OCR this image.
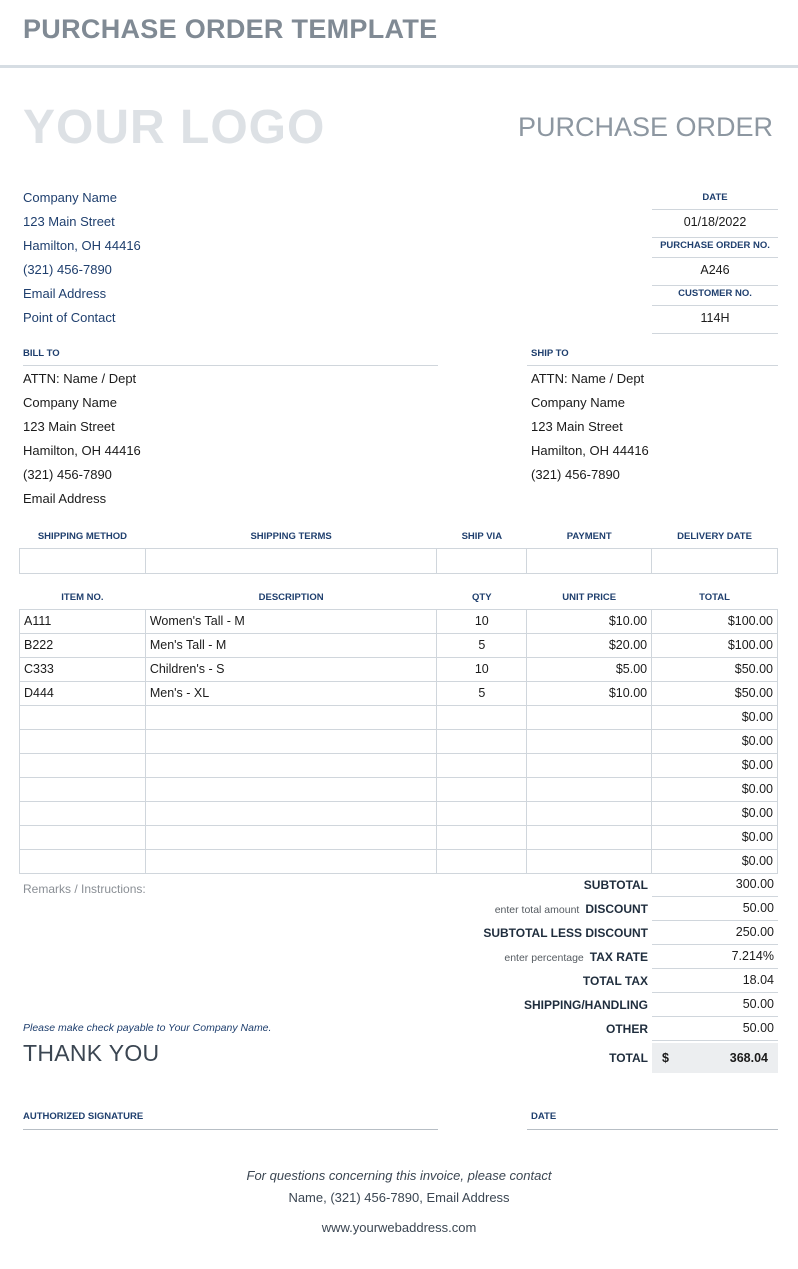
PURCHASE ORDER TEMPLATE
YOUR LOGO	PURCHASE ORDER
Company Name
123 Main Street
Hamilton, OH 44416
(321) 456-7890
Email Address
Point of Contact
DATE
01/18/2022
PURCHASE ORDER NO.
A246
CUSTOMER NO.
114H
BILL TO
ATTN: Name / Dept
Company Name
123 Main Street
Hamilton, OH 44416
(321) 456-7890
Email Address
SHIP TO
ATTN: Name / Dept
Company Name
123 Main Street
Hamilton, OH 44416
(321) 456-7890
SHIPPING METHOD	SHIPPING TERMS	SHIP VIA	PAYMENT	DELIVERY DATE

ITEM NO.	DESCRIPTION	QTY	UNIT PRICE	TOTAL
A111	Women's Tall - M	10	$10.00	$100.00
B222	Men's Tall - M	5	$20.00	$100.00
C333	Children's - S	10	$5.00	$50.00
D444	Men's - XL	5	$10.00	$50.00
				$0.00
				$0.00
				$0.00
				$0.00
				$0.00
				$0.00
				$0.00
Remarks / Instructions:	SUBTOTAL	300.00
enter total amount DISCOUNT	50.00
SUBTOTAL LESS DISCOUNT	250.00
enter percentage TAX RATE	7.214%
TOTAL TAX	18.04
SHIPPING/HANDLING	50.00
OTHER	50.00
TOTAL	$	368.04
Please make check payable to Your Company Name.
THANK YOU
AUTHORIZED SIGNATURE	DATE
For questions concerning this invoice, please contact
Name, (321) 456-7890, Email Address
www.yourwebaddress.com
